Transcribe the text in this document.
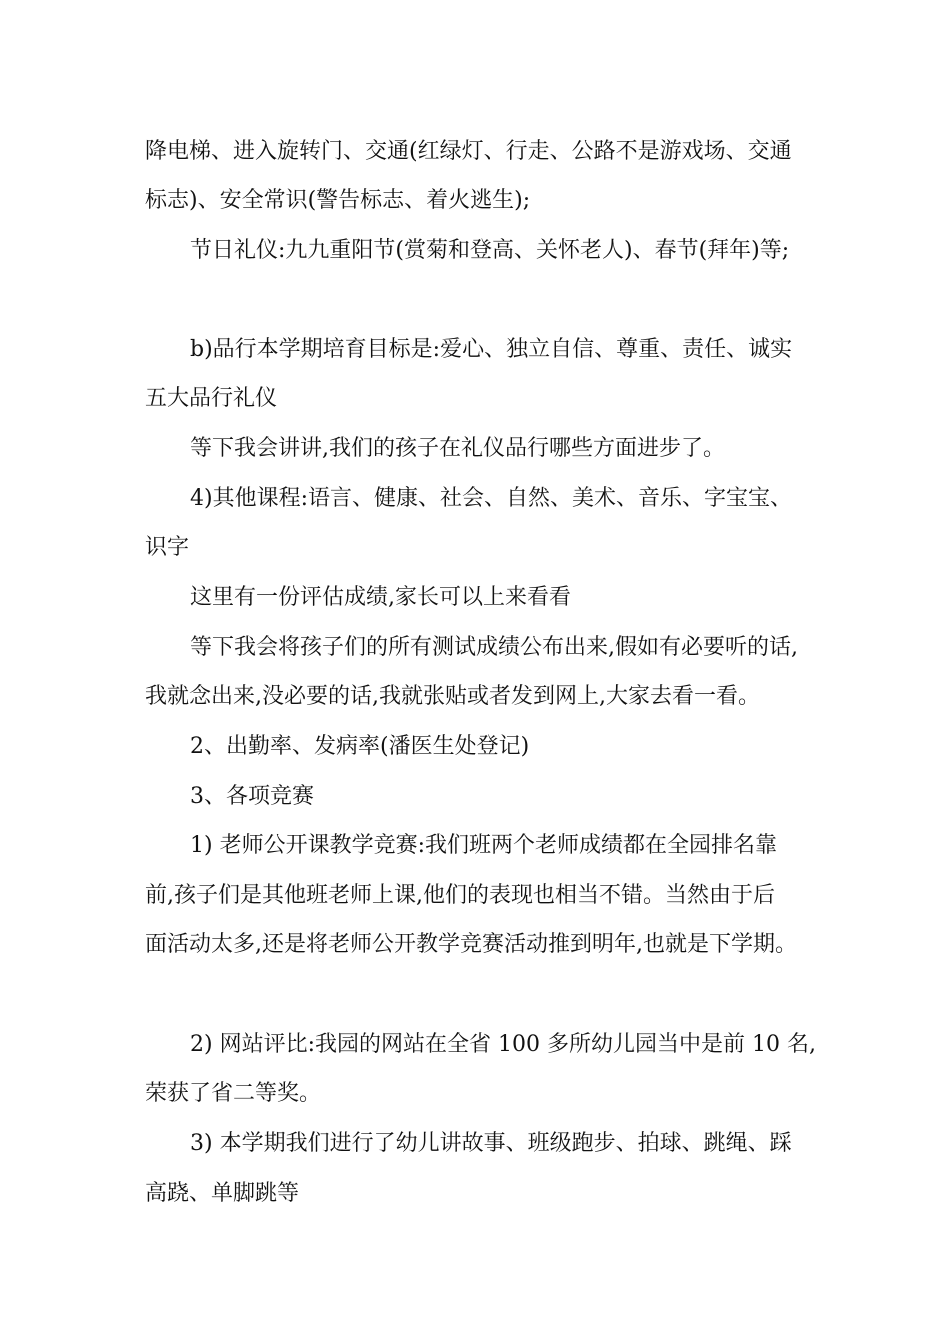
降电梯、进入旋转门、交通(红绿灯、行走、公路不是游戏场、交通
标志)、安全常识(警告标志、着火逃生);
节日礼仪:九九重阳节(赏菊和登高、关怀老人)、春节(拜年)等;
b)品行本学期培育目标是:爱心、独立自信、尊重、责任、诚实
五大品行礼仪
等下我会讲讲,我们的孩子在礼仪品行哪些方面进步了。
4)其他课程:语言、健康、社会、自然、美术、音乐、字宝宝、
识字
这里有一份评估成绩,家长可以上来看看
等下我会将孩子们的所有测试成绩公布出来,假如有必要听的话,
我就念出来,没必要的话,我就张贴或者发到网上,大家去看一看。
2、出勤率、发病率(潘医生处登记)
3、各项竞赛
1) 老师公开课教学竞赛:我们班两个老师成绩都在全园排名靠
前,孩子们是其他班老师上课,他们的表现也相当不错。当然由于后
面活动太多,还是将老师公开教学竞赛活动推到明年,也就是下学期。
2) 网站评比:我园的网站在全省 100 多所幼儿园当中是前 10 名,
荣获了省二等奖。
3) 本学期我们进行了幼儿讲故事、班级跑步、拍球、跳绳、踩
高跷、单脚跳等
